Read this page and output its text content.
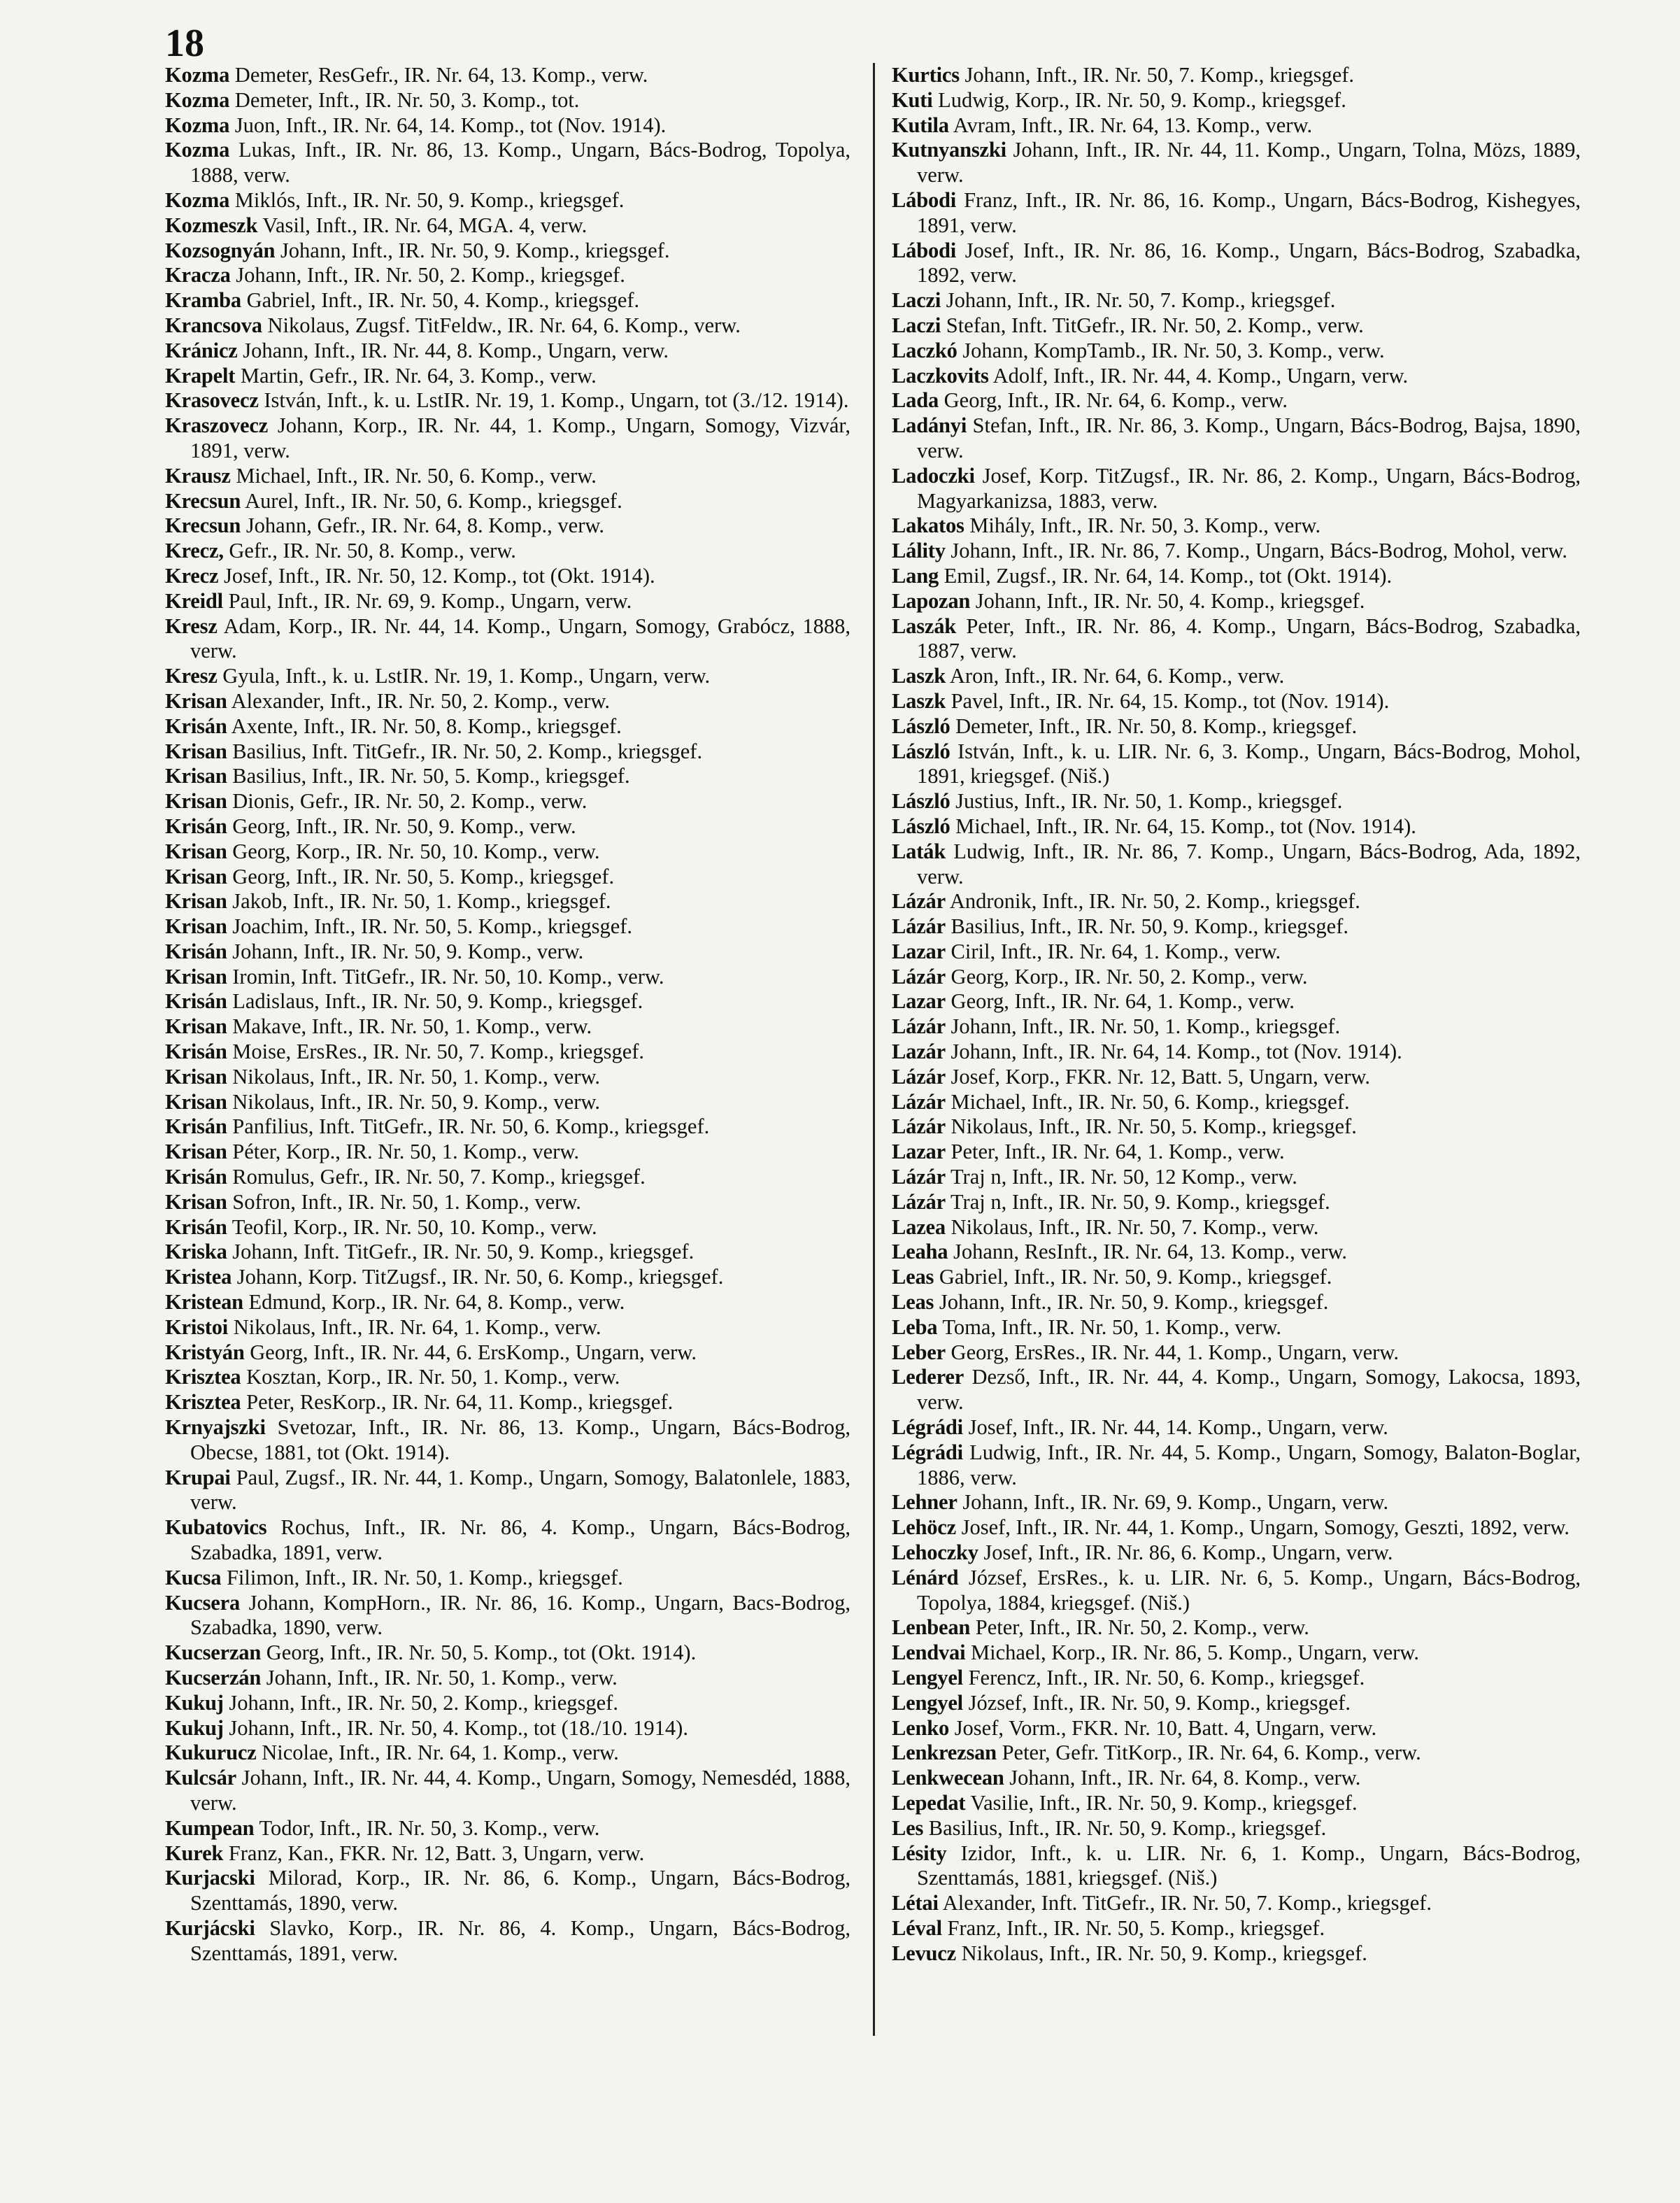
18

Kozma Demeter, ResGefr., IR. Nr. 64, 13. Komp., verw.

Kozma Demeter, Inft., IR. Nr. 50, 3. Komp., tot.

Kozma Juon, Inft., IR. Nr. 64, 14. Komp., tot (Nov. 1914).

Kozma Lukas, Inft., IR. Nr. 86, 13. Komp., Ungarn, Bács-Bodrog, Topolya, 1888, verw.

Kozma Miklós, Inft., IR. Nr. 50, 9. Komp., kriegsgef.

Kozmeszk Vasil, Inft., IR. Nr. 64, MGA. 4, verw.

Kozsognyán Johann, Inft., IR. Nr. 50, 9. Komp., kriegsgef.

Kracza Johann, Inft., IR. Nr. 50, 2. Komp., kriegsgef.

Kramba Gabriel, Inft., IR. Nr. 50, 4. Komp., kriegsgef.

Krancsova Nikolaus, Zugsf. TitFeldw., IR. Nr. 64, 6. Komp., verw.

Kránicz Johann, Inft., IR. Nr. 44, 8. Komp., Ungarn, verw.

Krapelt Martin, Gefr., IR. Nr. 64, 3. Komp., verw.

Krasovecz István, Inft., k. u. LstIR. Nr. 19, 1. Komp., Ungarn, tot (3./12. 1914).

Kraszovecz Johann, Korp., IR. Nr. 44, 1. Komp., Ungarn, Somogy, Vizvár, 1891, verw.

Krausz Michael, Inft., IR. Nr. 50, 6. Komp., verw.

Krecsun Aurel, Inft., IR. Nr. 50, 6. Komp., kriegsgef.

Krecsun Johann, Gefr., IR. Nr. 64, 8. Komp., verw.

Krecz, Gefr., IR. Nr. 50, 8. Komp., verw.

Krecz Josef, Inft., IR. Nr. 50, 12. Komp., tot (Okt. 1914).

Kreidl Paul, Inft., IR. Nr. 69, 9. Komp., Ungarn, verw.

Kresz Adam, Korp., IR. Nr. 44, 14. Komp., Ungarn, Somogy, Grabócz, 1888, verw.

Kresz Gyula, Inft., k. u. LstIR. Nr. 19, 1. Komp., Ungarn, verw.

Krisan Alexander, Inft., IR. Nr. 50, 2. Komp., verw.

Krisán Axente, Inft., IR. Nr. 50, 8. Komp., kriegsgef.

Krisan Basilius, Inft. TitGefr., IR. Nr. 50, 2. Komp., kriegsgef.

Krisan Basilius, Inft., IR. Nr. 50, 5. Komp., kriegsgef.

Krisan Dionis, Gefr., IR. Nr. 50, 2. Komp., verw.

Krisán Georg, Inft., IR. Nr. 50, 9. Komp., verw.

Krisan Georg, Korp., IR. Nr. 50, 10. Komp., verw.

Krisan Georg, Inft., IR. Nr. 50, 5. Komp., kriegsgef.

Krisan Jakob, Inft., IR. Nr. 50, 1. Komp., kriegsgef.

Krisan Joachim, Inft., IR. Nr. 50, 5. Komp., kriegsgef.

Krisán Johann, Inft., IR. Nr. 50, 9. Komp., verw.

Krisan Iromin, Inft. TitGefr., IR. Nr. 50, 10. Komp., verw.

Krisán Ladislaus, Inft., IR. Nr. 50, 9. Komp., kriegsgef.

Krisan Makave, Inft., IR. Nr. 50, 1. Komp., verw.

Krisán Moise, ErsRes., IR. Nr. 50, 7. Komp., kriegsgef.

Krisan Nikolaus, Inft., IR. Nr. 50, 1. Komp., verw.

Krisan Nikolaus, Inft., IR. Nr. 50, 9. Komp., verw.

Krisán Panfilius, Inft. TitGefr., IR. Nr. 50, 6. Komp., kriegsgef.

Krisan Péter, Korp., IR. Nr. 50, 1. Komp., verw.

Krisán Romulus, Gefr., IR. Nr. 50, 7. Komp., kriegsgef.

Krisan Sofron, Inft., IR. Nr. 50, 1. Komp., verw.

Krisán Teofil, Korp., IR. Nr. 50, 10. Komp., verw.

Kriska Johann, Inft. TitGefr., IR. Nr. 50, 9. Komp., kriegsgef.

Kristea Johann, Korp. TitZugsf., IR. Nr. 50, 6. Komp., kriegsgef.

Kristean Edmund, Korp., IR. Nr. 64, 8. Komp., verw.

Kristoi Nikolaus, Inft., IR. Nr. 64, 1. Komp., verw.

Kristyán Georg, Inft., IR. Nr. 44, 6. ErsKomp., Ungarn, verw.

Krisztea Kosztan, Korp., IR. Nr. 50, 1. Komp., verw.

Krisztea Peter, ResKorp., IR. Nr. 64, 11. Komp., kriegsgef.

Krnyajszki Svetozar, Inft., IR. Nr. 86, 13. Komp., Ungarn, Bács-Bodrog, Obecse, 1881, tot (Okt. 1914).

Krupai Paul, Zugsf., IR. Nr. 44, 1. Komp., Ungarn, Somogy, Balatonlele, 1883, verw.

Kubatovics Rochus, Inft., IR. Nr. 86, 4. Komp., Ungarn, Bács-Bodrog, Szabadka, 1891, verw.

Kucsa Filimon, Inft., IR. Nr. 50, 1. Komp., kriegsgef.

Kucsera Johann, KompHorn., IR. Nr. 86, 16. Komp., Ungarn, Bacs-Bodrog, Szabadka, 1890, verw.

Kucserzan Georg, Inft., IR. Nr. 50, 5. Komp., tot (Okt. 1914).

Kucserzán Johann, Inft., IR. Nr. 50, 1. Komp., verw.

Kukuj Johann, Inft., IR. Nr. 50, 2. Komp., kriegsgef.

Kukuj Johann, Inft., IR. Nr. 50, 4. Komp., tot (18./10. 1914).

Kukurucz Nicolae, Inft., IR. Nr. 64, 1. Komp., verw.

Kulcsár Johann, Inft., IR. Nr. 44, 4. Komp., Ungarn, Somogy, Nemesdéd, 1888, verw.

Kumpean Todor, Inft., IR. Nr. 50, 3. Komp., verw.

Kurek Franz, Kan., FKR. Nr. 12, Batt. 3, Ungarn, verw.

Kurjacski Milorad, Korp., IR. Nr. 86, 6. Komp., Ungarn, Bács-Bodrog, Szenttamás, 1890, verw.

Kurjácski Slavko, Korp., IR. Nr. 86, 4. Komp., Ungarn, Bács-Bodrog, Szenttamás, 1891, verw.

Kurtics Johann, Inft., IR. Nr. 50, 7. Komp., kriegsgef.

Kuti Ludwig, Korp., IR. Nr. 50, 9. Komp., kriegsgef.

Kutila Avram, Inft., IR. Nr. 64, 13. Komp., verw.

Kutnyanszki Johann, Inft., IR. Nr. 44, 11. Komp., Ungarn, Tolna, Mözs, 1889, verw.

Lábodi Franz, Inft., IR. Nr. 86, 16. Komp., Ungarn, Bács-Bodrog, Kishegyes, 1891, verw.

Lábodi Josef, Inft., IR. Nr. 86, 16. Komp., Ungarn, Bács-Bodrog, Szabadka, 1892, verw.

Laczi Johann, Inft., IR. Nr. 50, 7. Komp., kriegsgef.

Laczi Stefan, Inft. TitGefr., IR. Nr. 50, 2. Komp., verw.

Laczkó Johann, KompTamb., IR. Nr. 50, 3. Komp., verw.

Laczkovits Adolf, Inft., IR. Nr. 44, 4. Komp., Ungarn, verw.

Lada Georg, Inft., IR. Nr. 64, 6. Komp., verw.

Ladányi Stefan, Inft., IR. Nr. 86, 3. Komp., Ungarn, Bács-Bodrog, Bajsa, 1890, verw.

Ladoczki Josef, Korp. TitZugsf., IR. Nr. 86, 2. Komp., Ungarn, Bács-Bodrog, Magyarkanizsa, 1883, verw.

Lakatos Mihály, Inft., IR. Nr. 50, 3. Komp., verw.

Lálity Johann, Inft., IR. Nr. 86, 7. Komp., Ungarn, Bács-Bodrog, Mohol, verw.

Lang Emil, Zugsf., IR. Nr. 64, 14. Komp., tot (Okt. 1914).

Lapozan Johann, Inft., IR. Nr. 50, 4. Komp., kriegsgef.

Laszák Peter, Inft., IR. Nr. 86, 4. Komp., Ungarn, Bács-Bodrog, Szabadka, 1887, verw.

Laszk Aron, Inft., IR. Nr. 64, 6. Komp., verw.

Laszk Pavel, Inft., IR. Nr. 64, 15. Komp., tot (Nov. 1914).

László Demeter, Inft., IR. Nr. 50, 8. Komp., kriegsgef.

László István, Inft., k. u. LIR. Nr. 6, 3. Komp., Ungarn, Bács-Bodrog, Mohol, 1891, kriegsgef. (Niš.)

László Justius, Inft., IR. Nr. 50, 1. Komp., kriegsgef.

László Michael, Inft., IR. Nr. 64, 15. Komp., tot (Nov. 1914).

Laták Ludwig, Inft., IR. Nr. 86, 7. Komp., Ungarn, Bács-Bodrog, Ada, 1892, verw.

Lázár Andronik, Inft., IR. Nr. 50, 2. Komp., kriegsgef.

Lázár Basilius, Inft., IR. Nr. 50, 9. Komp., kriegsgef.

Lazar Ciril, Inft., IR. Nr. 64, 1. Komp., verw.

Lázár Georg, Korp., IR. Nr. 50, 2. Komp., verw.

Lazar Georg, Inft., IR. Nr. 64, 1. Komp., verw.

Lázár Johann, Inft., IR. Nr. 50, 1. Komp., kriegsgef.

Lazár Johann, Inft., IR. Nr. 64, 14. Komp., tot (Nov. 1914).

Lázár Josef, Korp., FKR. Nr. 12, Batt. 5, Ungarn, verw.

Lázár Michael, Inft., IR. Nr. 50, 6. Komp., kriegsgef.

Lázár Nikolaus, Inft., IR. Nr. 50, 5. Komp., kriegsgef.

Lazar Peter, Inft., IR. Nr. 64, 1. Komp., verw.

Lázár Traj n, Inft., IR. Nr. 50, 12 Komp., verw.

Lázár Traj n, Inft., IR. Nr. 50, 9. Komp., kriegsgef.

Lazea Nikolaus, Inft., IR. Nr. 50, 7. Komp., verw.

Leaha Johann, ResInft., IR. Nr. 64, 13. Komp., verw.

Leas Gabriel, Inft., IR. Nr. 50, 9. Komp., kriegsgef.

Leas Johann, Inft., IR. Nr. 50, 9. Komp., kriegsgef.

Leba Toma, Inft., IR. Nr. 50, 1. Komp., verw.

Leber Georg, ErsRes., IR. Nr. 44, 1. Komp., Ungarn, verw.

Lederer Dezső, Inft., IR. Nr. 44, 4. Komp., Ungarn, Somogy, Lakocsa, 1893, verw.

Légrádi Josef, Inft., IR. Nr. 44, 14. Komp., Ungarn, verw.

Légrádi Ludwig, Inft., IR. Nr. 44, 5. Komp., Ungarn, Somogy, Balaton-Boglar, 1886, verw.

Lehner Johann, Inft., IR. Nr. 69, 9. Komp., Ungarn, verw.

Lehöcz Josef, Inft., IR. Nr. 44, 1. Komp., Ungarn, Somogy, Geszti, 1892, verw.

Lehoczky Josef, Inft., IR. Nr. 86, 6. Komp., Ungarn, verw.

Lénárd József, ErsRes., k. u. LIR. Nr. 6, 5. Komp., Ungarn, Bács-Bodrog, Topolya, 1884, kriegsgef. (Niš.)

Lenbean Peter, Inft., IR. Nr. 50, 2. Komp., verw.

Lendvai Michael, Korp., IR. Nr. 86, 5. Komp., Ungarn, verw.

Lengyel Ferencz, Inft., IR. Nr. 50, 6. Komp., kriegsgef.

Lengyel József, Inft., IR. Nr. 50, 9. Komp., kriegsgef.

Lenko Josef, Vorm., FKR. Nr. 10, Batt. 4, Ungarn, verw.

Lenkrezsan Peter, Gefr. TitKorp., IR. Nr. 64, 6. Komp., verw.

Lenkwecean Johann, Inft., IR. Nr. 64, 8. Komp., verw.

Lepedat Vasilie, Inft., IR. Nr. 50, 9. Komp., kriegsgef.

Les Basilius, Inft., IR. Nr. 50, 9. Komp., kriegsgef.

Lésity Izidor, Inft., k. u. LIR. Nr. 6, 1. Komp., Ungarn, Bács-Bodrog, Szenttamás, 1881, kriegsgef. (Niš.)

Létai Alexander, Inft. TitGefr., IR. Nr. 50, 7. Komp., kriegsgef.

Léval Franz, Inft., IR. Nr. 50, 5. Komp., kriegsgef.

Levucz Nikolaus, Inft., IR. Nr. 50, 9. Komp., kriegsgef.
